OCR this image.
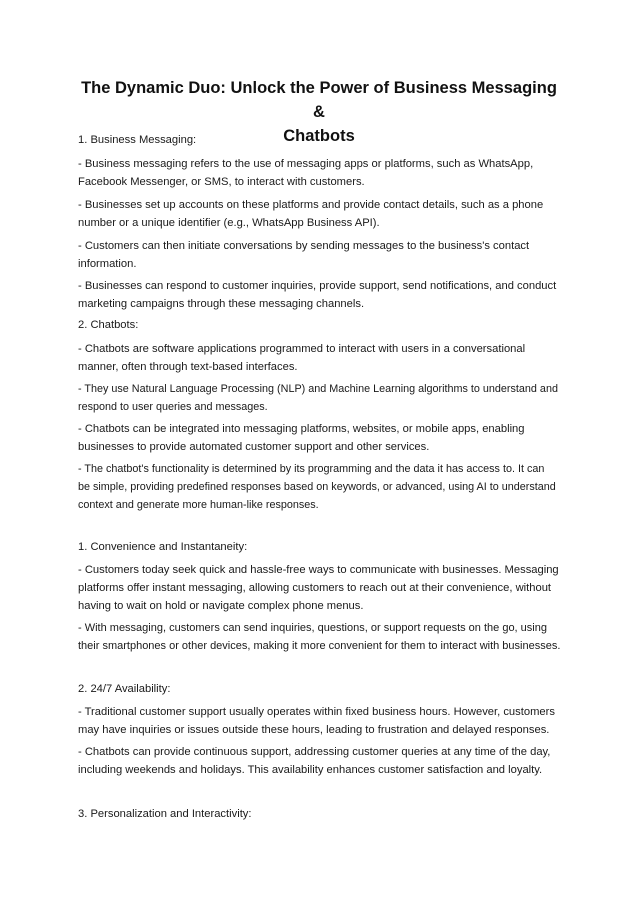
The Dynamic Duo: Unlock the Power of Business Messaging &
Chatbots

1. Business Messaging:

- Business messaging refers to the use of messaging apps or platforms, such as WhatsApp,
Facebook Messenger, or SMS, to interact with customers.

- Businesses set up accounts on these platforms and provide contact details, such as a phone
number or a unique identifier (e.g., WhatsApp Business API).

- Customers can then initiate conversations by sending messages to the business's contact
information.

- Businesses can respond to customer inquiries, provide support, send notifications, and conduct
marketing campaigns through these messaging channels.

2. Chatbots:

- Chatbots are software applications programmed to interact with users in a conversational
manner, often through text-based interfaces.

- They use Natural Language Processing (NLP) and Machine Learning algorithms to understand and
respond to user queries and messages.

- Chatbots can be integrated into messaging platforms, websites, or mobile apps, enabling
businesses to provide automated customer support and other services.

- The chatbot's functionality is determined by its programming and the data it has access to. It can
be simple, providing predefined responses based on keywords, or advanced, using AI to understand
context and generate more human-like responses.

1. Convenience and Instantaneity:

- Customers today seek quick and hassle-free ways to communicate with businesses. Messaging
platforms offer instant messaging, allowing customers to reach out at their convenience, without
having to wait on hold or navigate complex phone menus.

- With messaging, customers can send inquiries, questions, or support requests on the go, using
their smartphones or other devices, making it more convenient for them to interact with businesses.

2. 24/7 Availability:

- Traditional customer support usually operates within fixed business hours. However, customers
may have inquiries or issues outside these hours, leading to frustration and delayed responses.

- Chatbots can provide continuous support, addressing customer queries at any time of the day,
including weekends and holidays. This availability enhances customer satisfaction and loyalty.

3. Personalization and Interactivity:
